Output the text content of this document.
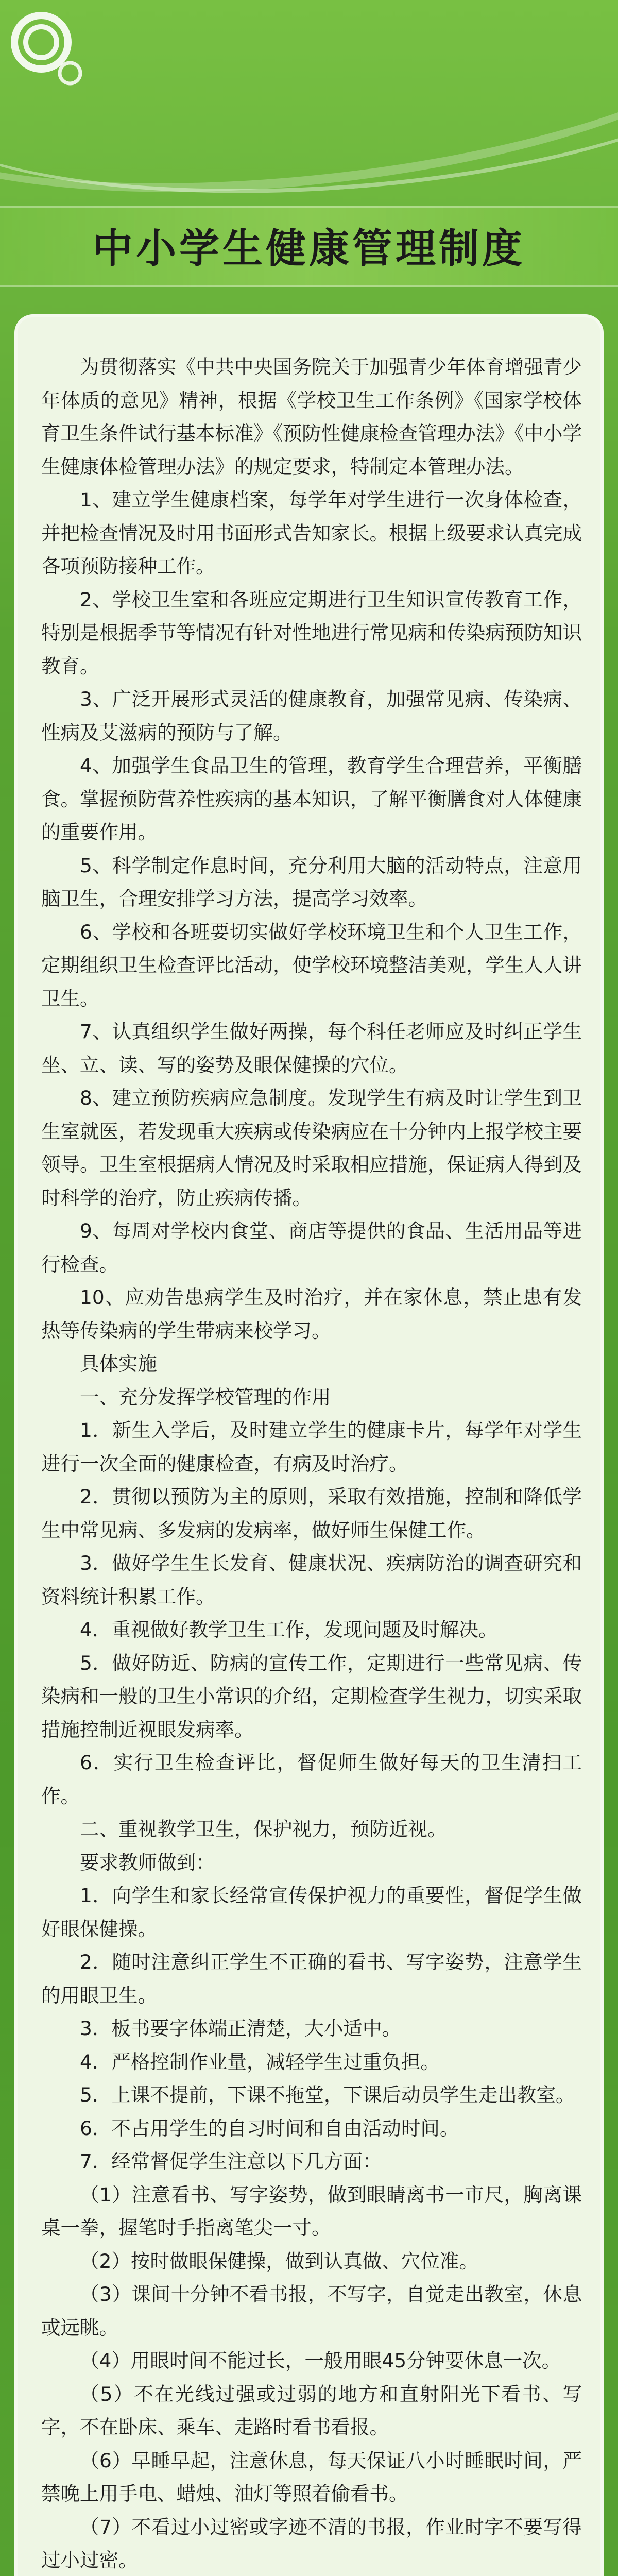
中小学生健康管理制度

为贯彻落实《中共中央国务院关于加强青少年体育增强青少年体质的意见》精神，根据《学校卫生工作条例》《国家学校体育卫生条件试行基本标准》《预防性健康检查管理办法》《中小学生健康体检管理办法》的规定要求，特制定本管理办法。

1、建立学生健康档案，每学年对学生进行一次身体检查，并把检查情况及时用书面形式告知家长。根据上级要求认真完成各项预防接种工作。

2、学校卫生室和各班应定期进行卫生知识宣传教育工作，特别是根据季节等情况有针对性地进行常见病和传染病预防知识教育。

3、广泛开展形式灵活的健康教育，加强常见病、传染病、性病及艾滋病的预防与了解。

4、加强学生食品卫生的管理，教育学生合理营养，平衡膳食。掌握预防营养性疾病的基本知识，了解平衡膳食对人体健康的重要作用。

5、科学制定作息时间，充分利用大脑的活动特点，注意用脑卫生，合理安排学习方法，提高学习效率。

6、学校和各班要切实做好学校环境卫生和个人卫生工作，定期组织卫生检查评比活动，使学校环境整洁美观，学生人人讲卫生。

7、认真组织学生做好两操，每个科任老师应及时纠正学生坐、立、读、写的姿势及眼保健操的穴位。

8、建立预防疾病应急制度。发现学生有病及时让学生到卫生室就医，若发现重大疾病或传染病应在十分钟内上报学校主要领导。卫生室根据病人情况及时采取相应措施，保证病人得到及时科学的治疗，防止疾病传播。

9、每周对学校内食堂、商店等提供的食品、生活用品等进行检查。

10、应劝告患病学生及时治疗，并在家休息，禁止患有发热等传染病的学生带病来校学习。

具体实施

一、充分发挥学校管理的作用

1．新生入学后，及时建立学生的健康卡片，每学年对学生进行一次全面的健康检查，有病及时治疗。

2．贯彻以预防为主的原则，采取有效措施，控制和降低学生中常见病、多发病的发病率，做好师生保健工作。

3．做好学生生长发育、健康状况、疾病防治的调查研究和资料统计积累工作。

4．重视做好教学卫生工作，发现问题及时解决。

5．做好防近、防病的宣传工作，定期进行一些常见病、传染病和一般的卫生小常识的介绍，定期检查学生视力，切实采取措施控制近视眼发病率。

6．实行卫生检查评比，督促师生做好每天的卫生清扫工作。

二、重视教学卫生，保护视力，预防近视。

要求教师做到：

1．向学生和家长经常宣传保护视力的重要性，督促学生做好眼保健操。

2．随时注意纠正学生不正确的看书、写字姿势，注意学生的用眼卫生。

3．板书要字体端正清楚，大小适中。

4．严格控制作业量，减轻学生过重负担。

5．上课不提前，下课不拖堂，下课后动员学生走出教室。

6．不占用学生的自习时间和自由活动时间。

7．经常督促学生注意以下几方面：

（1）注意看书、写字姿势，做到眼睛离书一市尺，胸离课桌一拳，握笔时手指离笔尖一寸。

（2）按时做眼保健操，做到认真做、穴位准。

（3）课间十分钟不看书报，不写字，自觉走出教室，休息或远眺。

（4）用眼时间不能过长，一般用眼45分钟要休息一次。

（5）不在光线过强或过弱的地方和直射阳光下看书、写字，不在卧床、乘车、走路时看书看报。

（6）早睡早起，注意休息，每天保证八小时睡眠时间，严禁晚上用手电、蜡烛、油灯等照着偷看书。

（7）不看过小过密或字迹不清的书报，作业时字不要写得过小过密。
